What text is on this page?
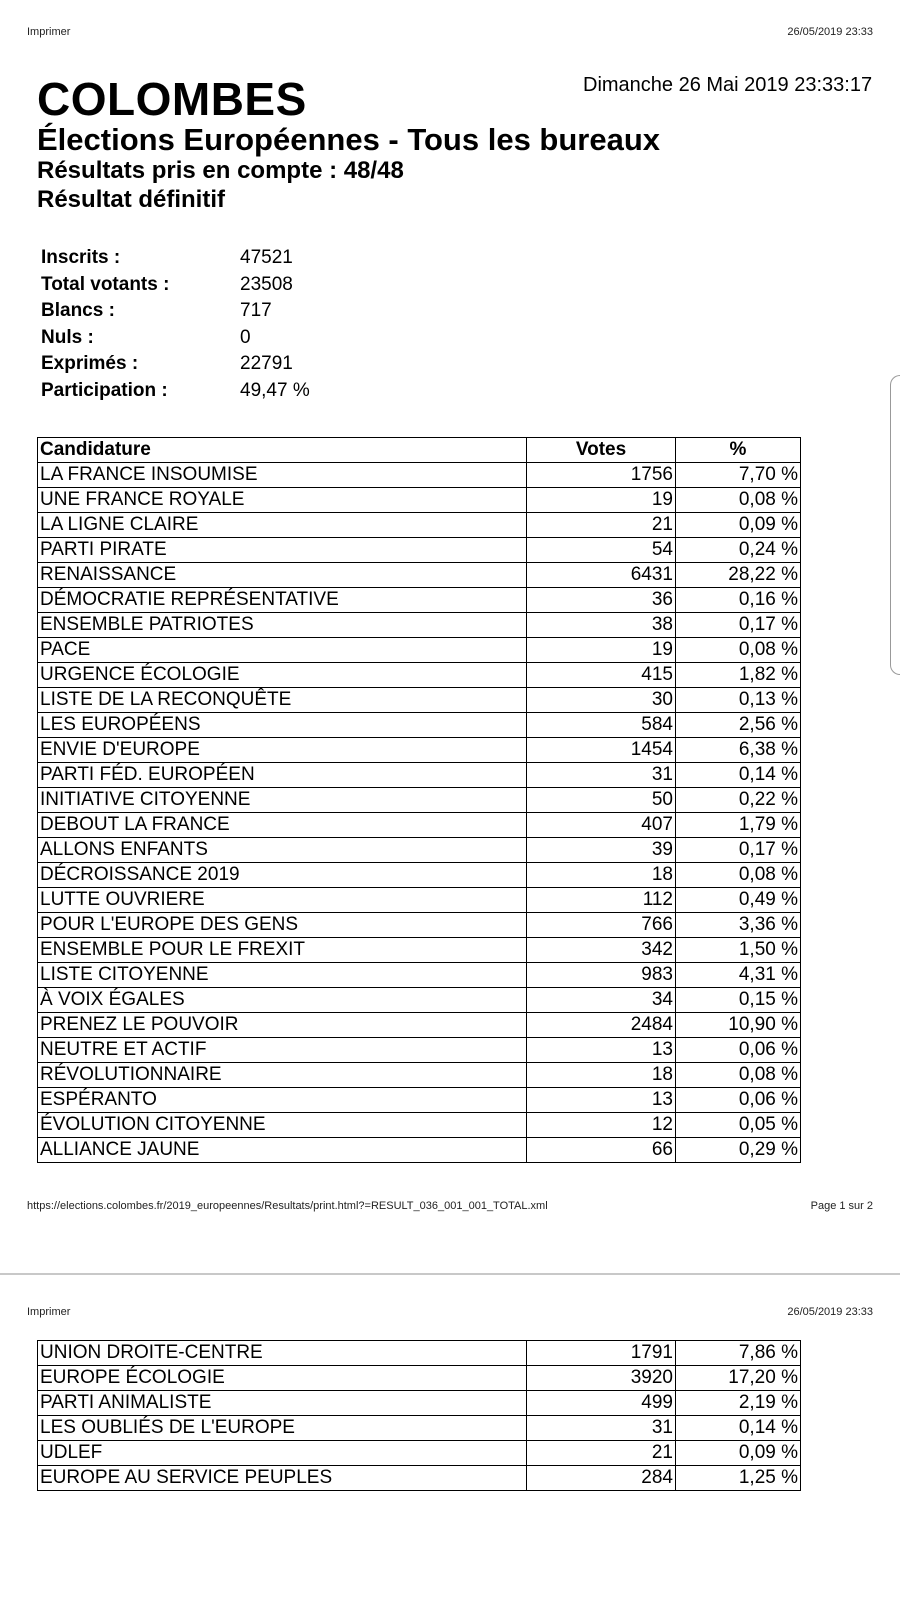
Imprimer	26/05/2019 23:33
COLOMBES	Dimanche 26 Mai 2019 23:33:17
Élections Européennes - Tous les bureaux
Résultats pris en compte : 48/48
Résultat définitif
Inscrits :	47521
Total votants :	23508
Blancs :	717
Nuls :	0
Exprimés :	22791
Participation :	49,47 %
Candidature	Votes	%
LA FRANCE INSOUMISE	1756	7,70 %
UNE FRANCE ROYALE	19	0,08 %
LA LIGNE CLAIRE	21	0,09 %
PARTI PIRATE	54	0,24 %
RENAISSANCE	6431	28,22 %
DÉMOCRATIE REPRÉSENTATIVE	36	0,16 %
ENSEMBLE PATRIOTES	38	0,17 %
PACE	19	0,08 %
URGENCE ÉCOLOGIE	415	1,82 %
LISTE DE LA RECONQUÊTE	30	0,13 %
LES EUROPÉENS	584	2,56 %
ENVIE D'EUROPE	1454	6,38 %
PARTI FÉD. EUROPÉEN	31	0,14 %
INITIATIVE CITOYENNE	50	0,22 %
DEBOUT LA FRANCE	407	1,79 %
ALLONS ENFANTS	39	0,17 %
DÉCROISSANCE 2019	18	0,08 %
LUTTE OUVRIERE	112	0,49 %
POUR L'EUROPE DES GENS	766	3,36 %
ENSEMBLE POUR LE FREXIT	342	1,50 %
LISTE CITOYENNE	983	4,31 %
À VOIX ÉGALES	34	0,15 %
PRENEZ LE POUVOIR	2484	10,90 %
NEUTRE ET ACTIF	13	0,06 %
RÉVOLUTIONNAIRE	18	0,08 %
ESPÉRANTO	13	0,06 %
ÉVOLUTION CITOYENNE	12	0,05 %
ALLIANCE JAUNE	66	0,29 %
https://elections.colombes.fr/2019_europeennes/Resultats/print.html?=RESULT_036_001_001_TOTAL.xml	Page 1 sur 2
Imprimer	26/05/2019 23:33
UNION DROITE-CENTRE	1791	7,86 %
EUROPE ÉCOLOGIE	3920	17,20 %
PARTI ANIMALISTE	499	2,19 %
LES OUBLIÉS DE L'EUROPE	31	0,14 %
UDLEF	21	0,09 %
EUROPE AU SERVICE PEUPLES	284	1,25 %
